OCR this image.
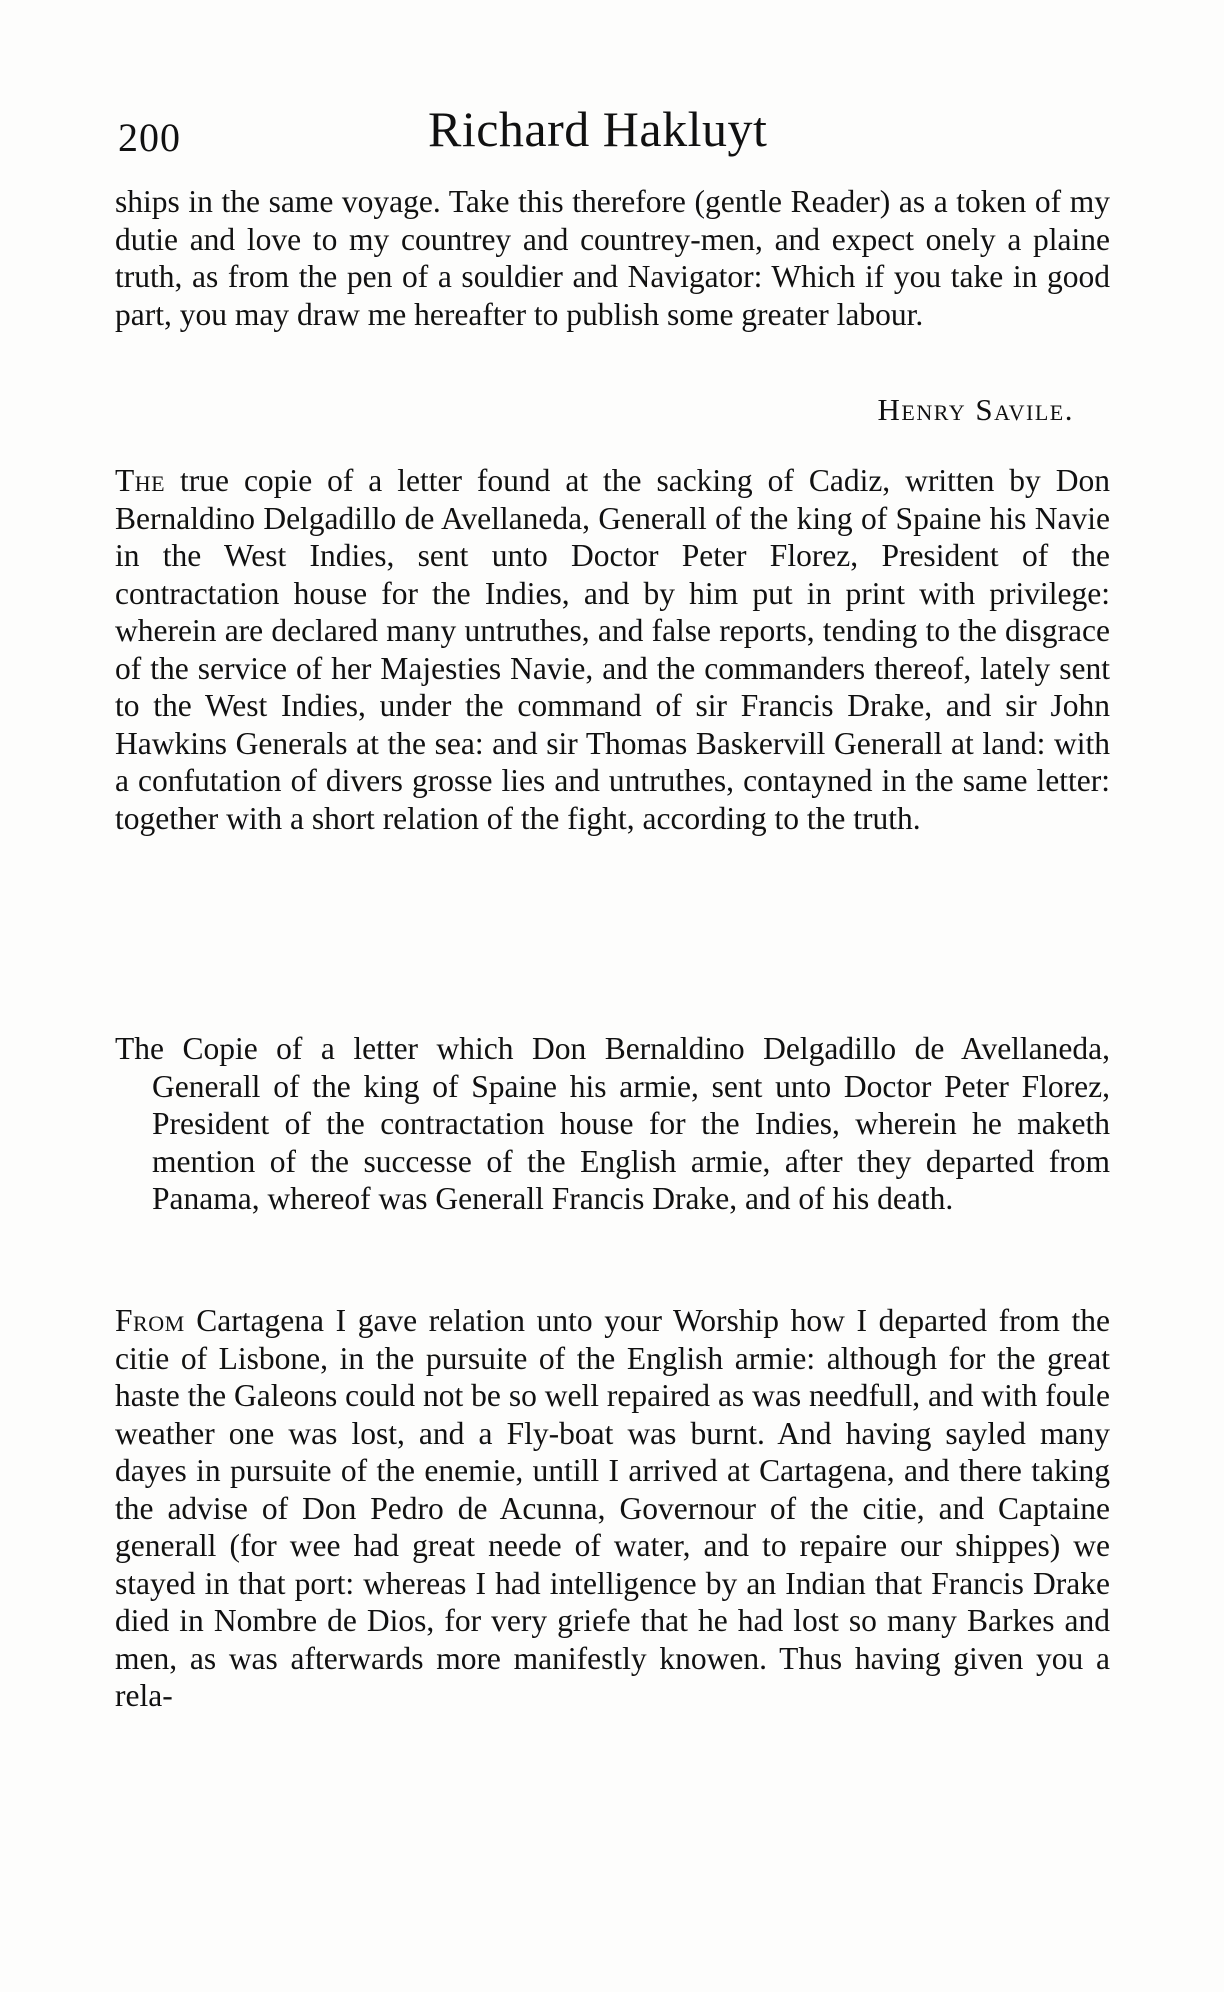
200	Richard Hakluyt

ships in the same voyage. Take this therefore (gentle Reader) as a token of my dutie and love to my countrey and countrey-men, and expect onely a plaine truth, as from the pen of a souldier and Navigator: Which if you take in good part, you may draw me hereafter to publish some greater labour.

Henry Savile.

The true copie of a letter found at the sacking of Cadiz, written by Don Bernaldino Delgadillo de Avellaneda, Generall of the king of Spaine his Navie in the West Indies, sent unto Doctor Peter Florez, President of the contractation house for the Indies, and by him put in print with privilege: wherein are declared many untruthes, and false reports, tending to the disgrace of the service of her Majesties Navie, and the commanders thereof, lately sent to the West Indies, under the command of sir Francis Drake, and sir John Hawkins Generals at the sea: and sir Thomas Baskervill Generall at land: with a confutation of divers grosse lies and untruthes, contayned in the same letter: together with a short relation of the fight, according to the truth.

The Copie of a letter which Don Bernaldino Delgadillo de Avellaneda, Generall of the king of Spaine his armie, sent unto Doctor Peter Florez, President of the contractation house for the Indies, wherein he maketh mention of the successe of the English armie, after they departed from Panama, whereof was Generall Francis Drake, and of his death.

From Cartagena I gave relation unto your Worship how I departed from the citie of Lisbone, in the pursuite of the English armie: although for the great haste the Galeons could not be so well repaired as was needfull, and with foule weather one was lost, and a Fly-boat was burnt. And having sayled many dayes in pursuite of the enemie, untill I arrived at Cartagena, and there taking the advise of Don Pedro de Acunna, Governour of the citie, and Captaine generall (for wee had great neede of water, and to repaire our shippes) we stayed in that port: whereas I had intelligence by an Indian that Francis Drake died in Nombre de Dios, for very griefe that he had lost so many Barkes and men, as was afterwards more manifestly knowen. Thus having given you a rela-
